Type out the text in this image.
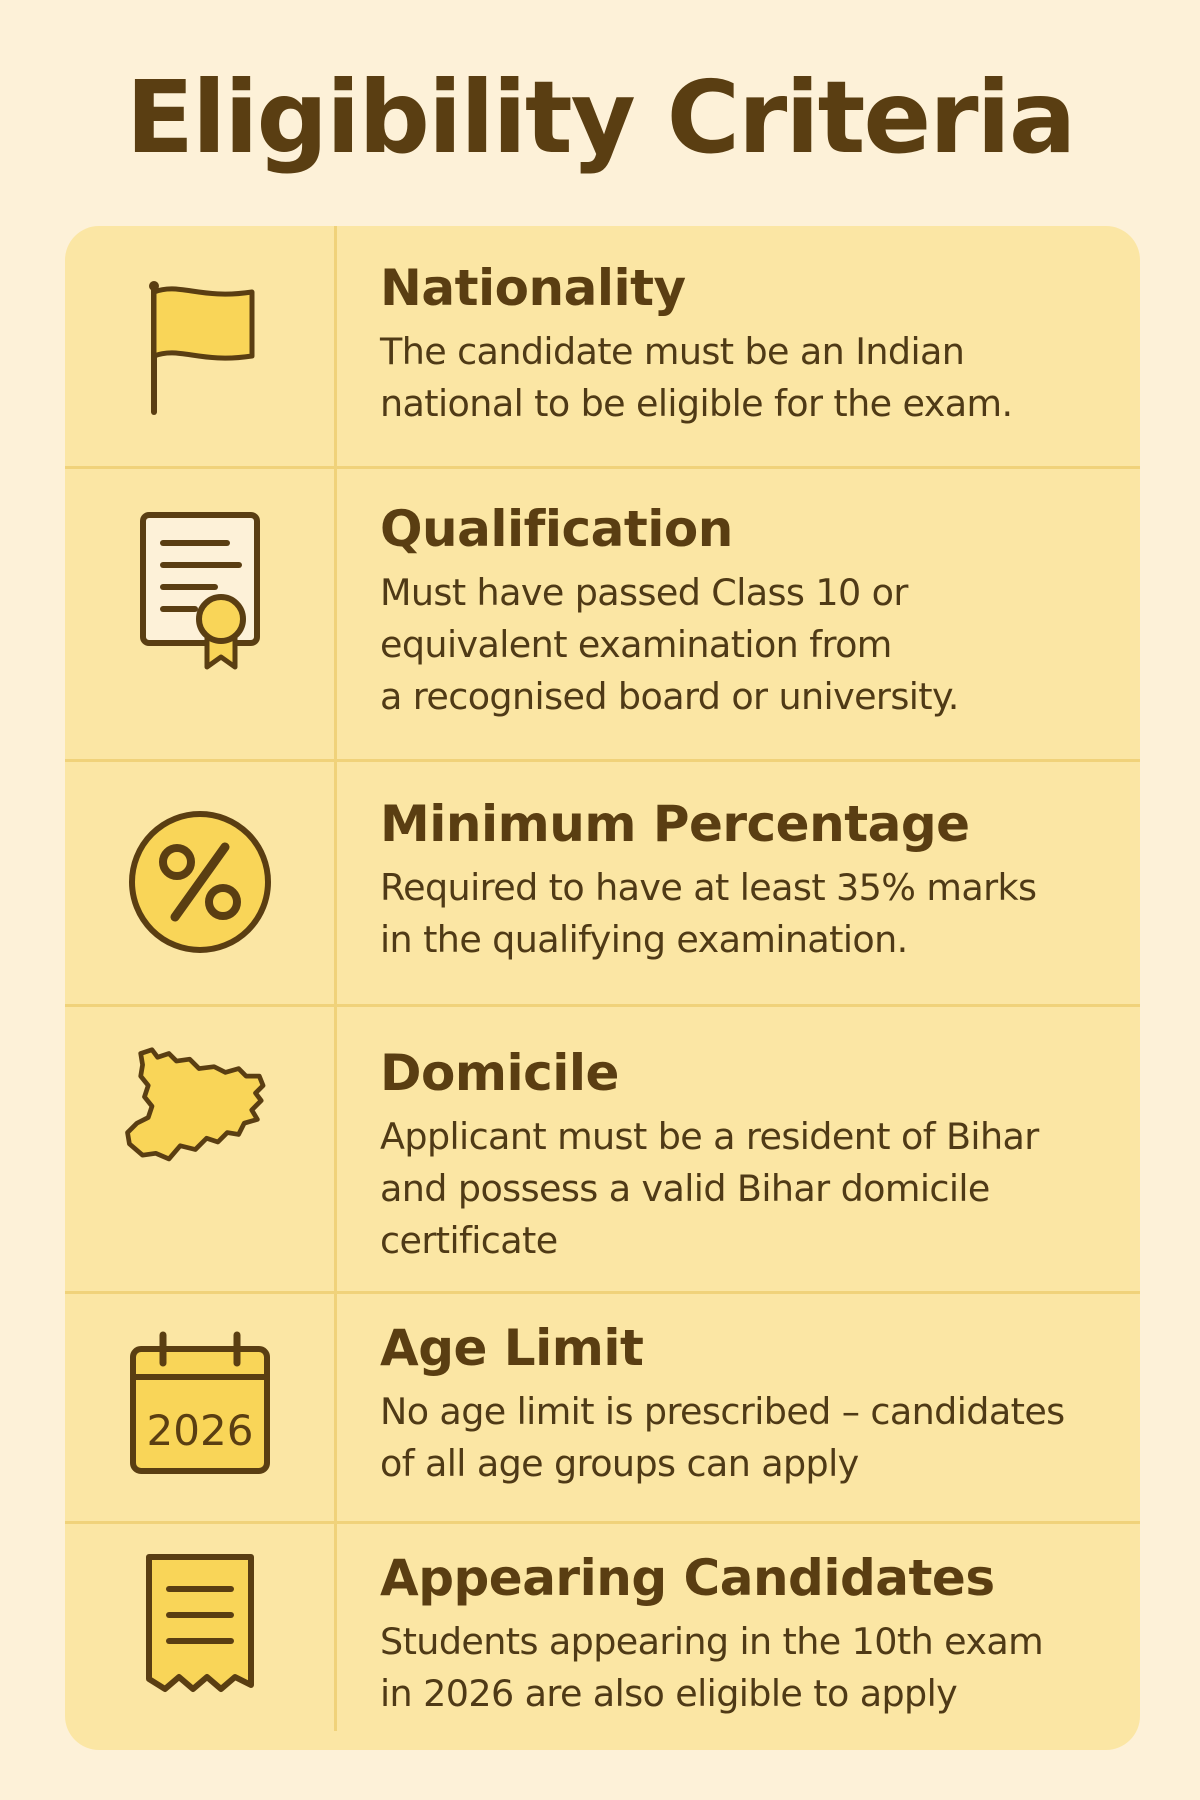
Eligibility Criteria
Nationality

The candidate must be an Indian
national to be eligible for the exam.

Qualification

Must have passed Class 10 or
equivalent examination from
a recognised board or university.

Minimum Percentage

Required to have at least 35% marks
in the qualifying examination.

Domicile

Applicant must be a resident of Bihar
and possess a valid Bihar domicile
certificate

2026
Age Limit

No age limit is prescribed – candidates
of all age groups can apply

Appearing Candidates

Students appearing in the 10th exam
in 2026 are also eligible to apply
